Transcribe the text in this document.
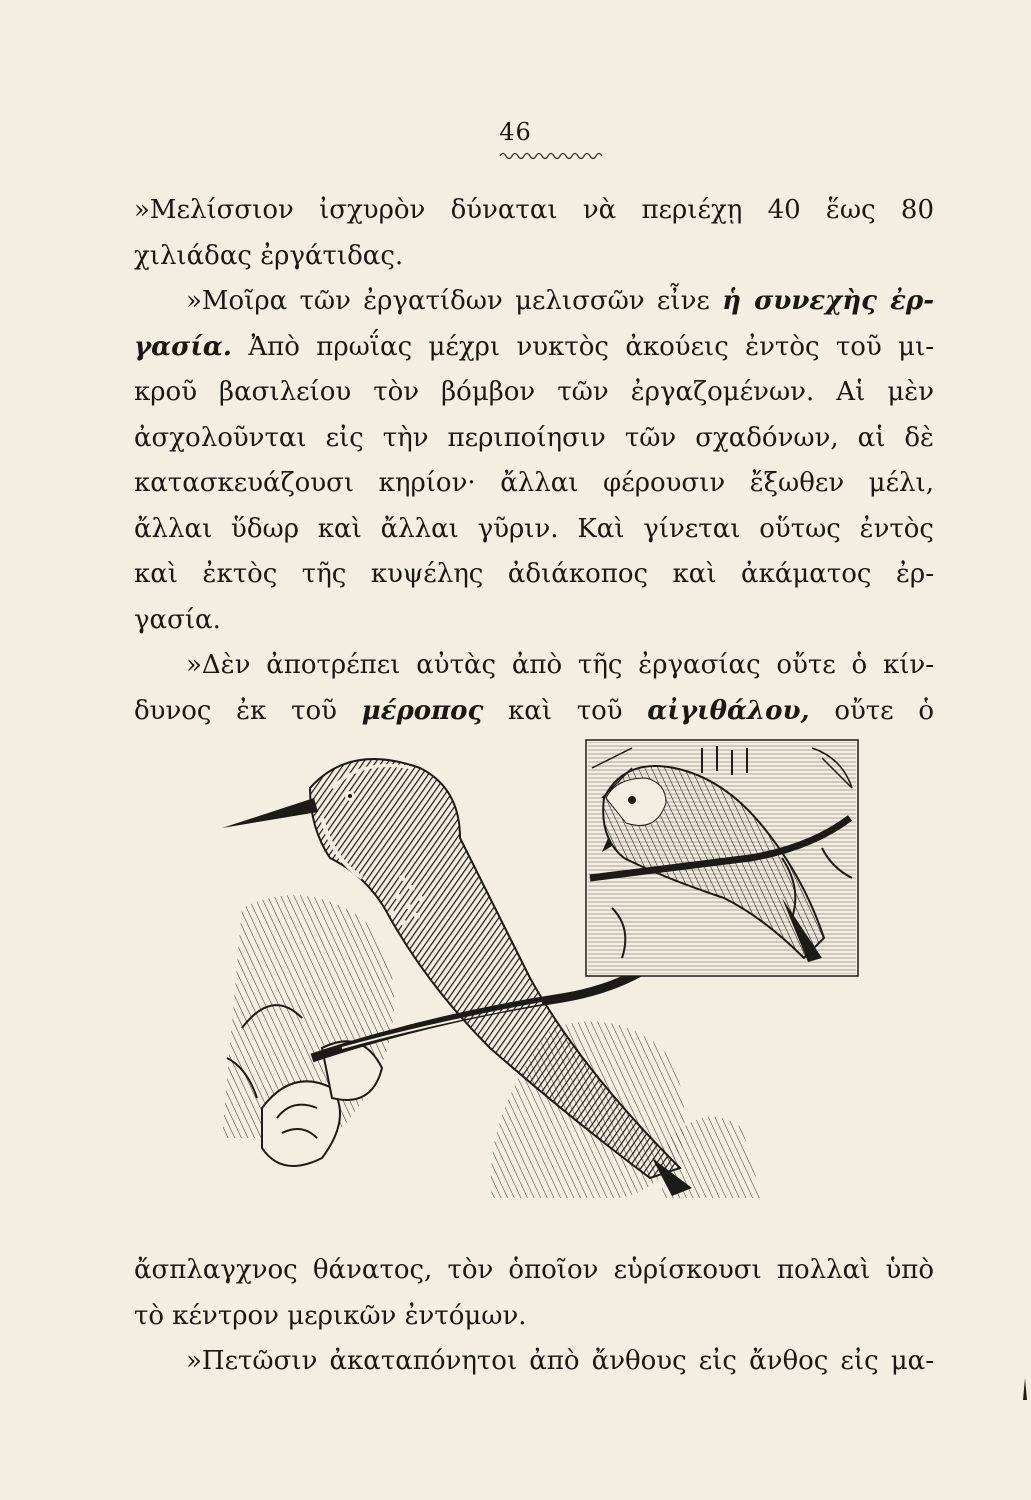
46
»Μελίσσιον ἰσχυρὸν δύναται νὰ περιέχῃ 40 ἕως 80
χιλιάδας ἐργάτιδας.
»Μοῖρα τῶν ἐργατίδων μελισσῶν εἶνε ἡ συνεχὴς ἐρ-
γασία. Ἀπὸ πρωΐας μέχρι νυκτὸς ἀκούεις ἐντὸς τοῦ μι-
κροῦ βασιλείου τὸν βόμβον τῶν ἐργαζομένων. Αἱ μὲν
ἀσχολοῦνται εἰς τὴν περιποίησιν τῶν σχαδόνων, αἱ δὲ
κατασκευάζουσι κηρίον· ἄλλαι φέρουσιν ἔξωθεν μέλι,
ἄλλαι ὕδωρ καὶ ἄλλαι γῦριν. Καὶ γίνεται οὕτως ἐντὸς
καὶ ἐκτὸς τῆς κυψέλης ἀδιάκοπος καὶ ἀκάματος ἐρ-
γασία.
»Δὲν ἀποτρέπει αὐτὰς ἀπὸ τῆς ἐργασίας οὔτε ὁ κίν-
δυνος ἐκ τοῦ μέροπος καὶ τοῦ αἰγιθάλου, οὔτε ὁ
ἄσπλαγχνος θάνατος, τὸν ὁποῖον εὑρίσκουσι πολλαὶ ὑπὸ
τὸ κέντρον μερικῶν ἐντόμων.
»Πετῶσιν ἀκαταπόνητοι ἀπὸ ἄνθους εἰς ἄνθος εἰς μα-
